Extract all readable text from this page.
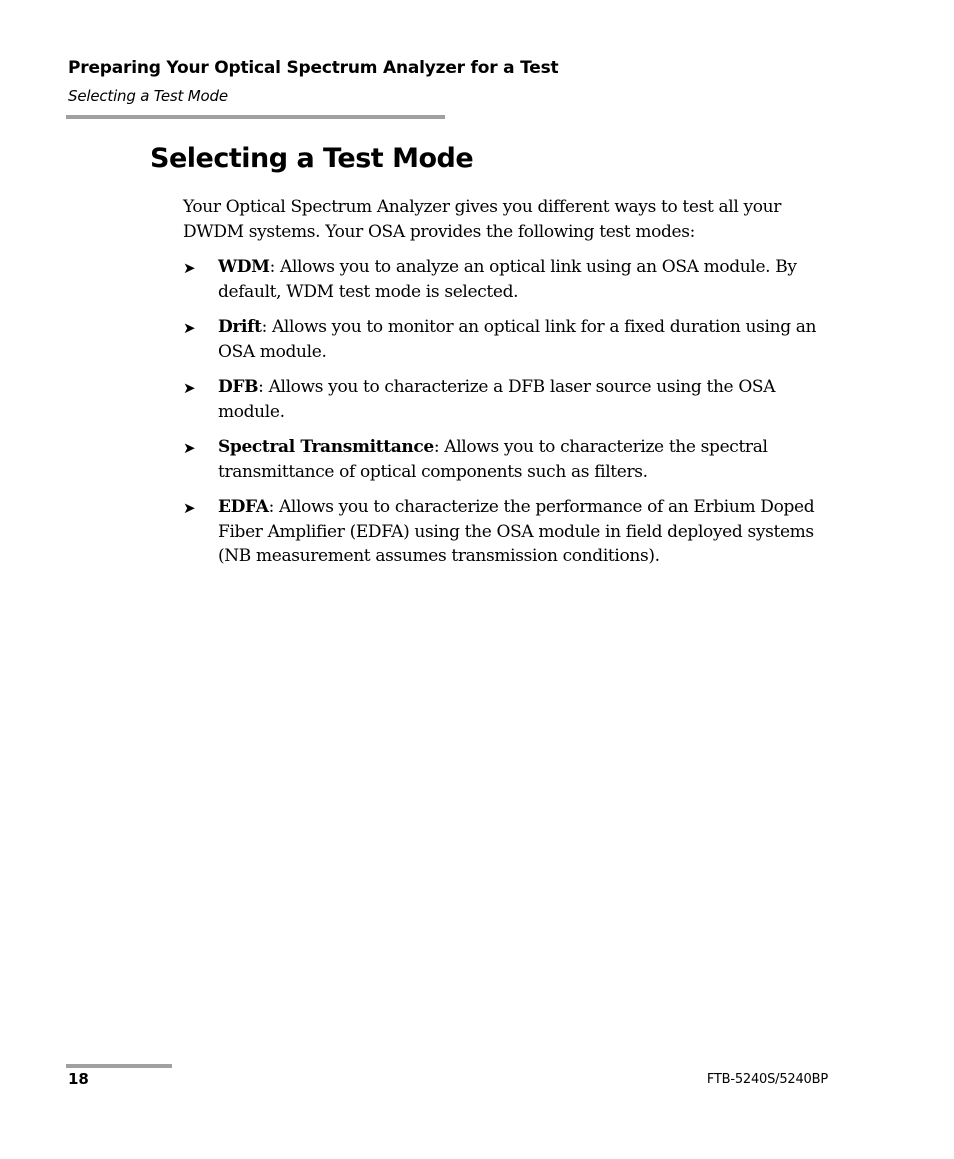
Preparing Your Optical Spectrum Analyzer for a Test
Selecting a Test Mode
Selecting a Test Mode

Your Optical Spectrum Analyzer gives you different ways to test all your DWDM systems. Your OSA provides the following test modes:

➤ WDM: Allows you to analyze an optical link using an OSA module. By default, WDM test mode is selected.
➤ Drift: Allows you to monitor an optical link for a fixed duration using an OSA module.
➤ DFB: Allows you to characterize a DFB laser source using the OSA module.
➤ Spectral Transmittance: Allows you to characterize the spectral transmittance of optical components such as filters.
➤ EDFA: Allows you to characterize the performance of an Erbium Doped Fiber Amplifier (EDFA) using the OSA module in field deployed systems (NB measurement assumes transmission conditions).
18	FTB-5240S/5240BP
